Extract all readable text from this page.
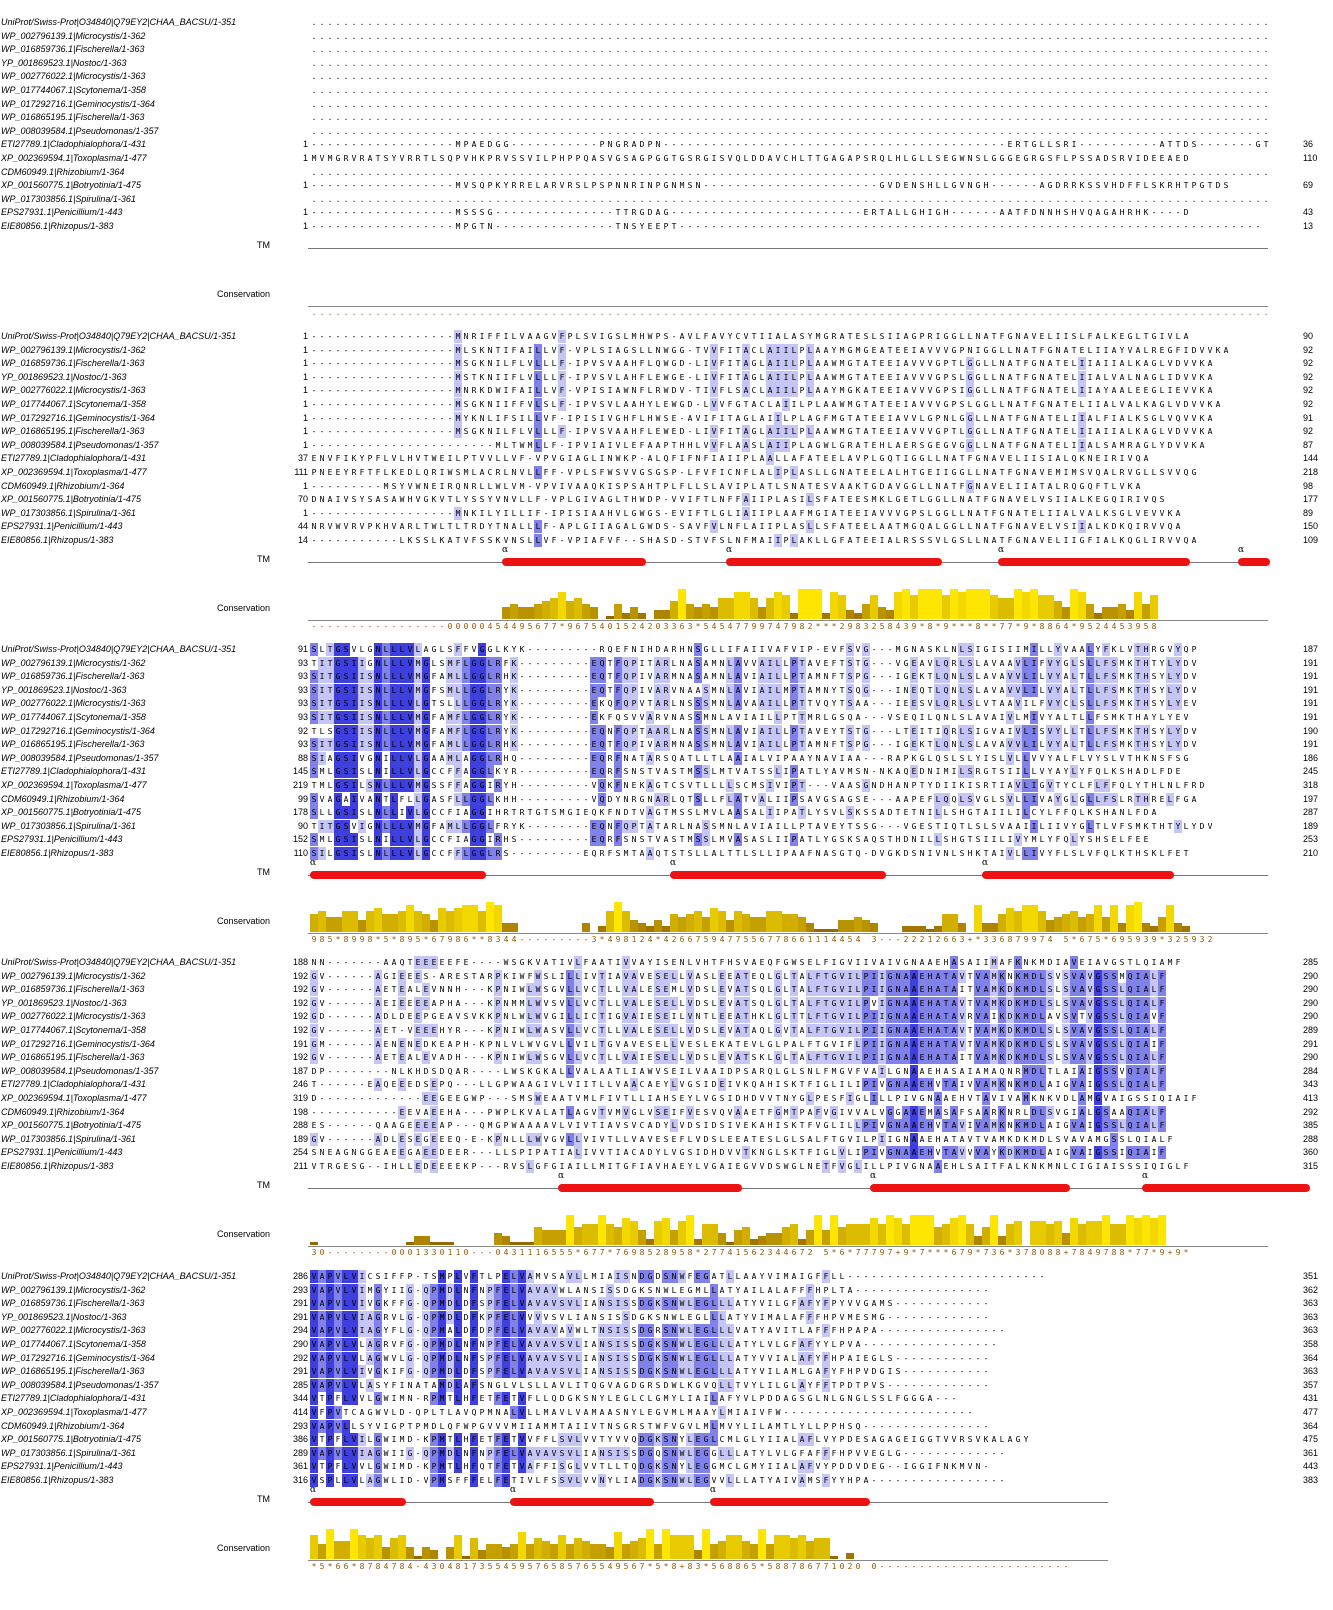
UniProt/Swiss-Prot|O34840|Q79EY2|CHAA_BACSU/1-351	. . . . . . . . . . . . . . . . . . . . . . . . . . . . . . . . . . . . . . . . . . . . . . . . . . . . . . . . . . . . . . . . . . . . . . . . . . . . . . . . . . . . . . . . . . . . . . . . . . . . . . . . . . . . . . . . . . . . . . . .
WP_002796139.1|Microcystis/1-362	. . . . . . . . . . . . . . . . . . . . . . . . . . . . . . . . . . . . . . . . . . . . . . . . . . . . . . . . . . . . . . . . . . . . . . . . . . . . . . . . . . . . . . . . . . . . . . . . . . . . . . . . . . . . . . . . . . . . . . . .
WP_016859736.1|Fischerella/1-363	. . . . . . . . . . . . . . . . . . . . . . . . . . . . . . . . . . . . . . . . . . . . . . . . . . . . . . . . . . . . . . . . . . . . . . . . . . . . . . . . . . . . . . . . . . . . . . . . . . . . . . . . . . . . . . . . . . . . . . . .
YP_001869523.1|Nostoc/1-363	. . . . . . . . . . . . . . . . . . . . . . . . . . . . . . . . . . . . . . . . . . . . . . . . . . . . . . . . . . . . . . . . . . . . . . . . . . . . . . . . . . . . . . . . . . . . . . . . . . . . . . . . . . . . . . . . . . . . . . . .
WP_002776022.1|Microcystis/1-363	. . . . . . . . . . . . . . . . . . . . . . . . . . . . . . . . . . . . . . . . . . . . . . . . . . . . . . . . . . . . . . . . . . . . . . . . . . . . . . . . . . . . . . . . . . . . . . . . . . . . . . . . . . . . . . . . . . . . . . . .
WP_017744067.1|Scytonema/1-358	. . . . . . . . . . . . . . . . . . . . . . . . . . . . . . . . . . . . . . . . . . . . . . . . . . . . . . . . . . . . . . . . . . . . . . . . . . . . . . . . . . . . . . . . . . . . . . . . . . . . . . . . . . . . . . . . . . . . . . . .
WP_017292716.1|Geminocystis/1-364	. . . . . . . . . . . . . . . . . . . . . . . . . . . . . . . . . . . . . . . . . . . . . . . . . . . . . . . . . . . . . . . . . . . . . . . . . . . . . . . . . . . . . . . . . . . . . . . . . . . . . . . . . . . . . . . . . . . . . . . .
WP_016865195.1|Fischerella/1-363	. . . . . . . . . . . . . . . . . . . . . . . . . . . . . . . . . . . . . . . . . . . . . . . . . . . . . . . . . . . . . . . . . . . . . . . . . . . . . . . . . . . . . . . . . . . . . . . . . . . . . . . . . . . . . . . . . . . . . . . .
WP_008039584.1|Pseudomonas/1-357	. . . . . . . . . . . . . . . . . . . . . . . . . . . . . . . . . . . . . . . . . . . . . . . . . . . . . . . . . . . . . . . . . . . . . . . . . . . . . . . . . . . . . . . . . . . . . . . . . . . . . . . . . . . . . . . . . . . . . . . .
ETI27789.1|Cladophialophora/1-431	1 - - - - - - - - - - - - - - - - - - M P A E D G G - - - - - - - - - - - P N G R A D P N - - - - - - - - - - - - - - - - - - - - - - - - - - - - - - - - - - - - - - - - - - - E R T G L L S R I - - - - - - - - - - A T T D S - - - - - - - G T	36
XP_002369594.1|Toxoplasma/1-477	1 M V M G R V R A T S Y V R R T L S Q P V H K P R V S S V I L P H P P Q A S V G S A G P G G T G S R G I S V Q L D D A V C H L T T G A G A P S R Q L H L G L L S E G W N S L G G G E G R G S F L P S S A D S R V I D E E A E D	110
CDM60949.1|Rhizobium/1-364	. . . . . . . . . . . . . . . . . . . . . . . . . . . . . . . . . . . . . . . . . . . . . . . . . . . . . . . . . . . . . . . . . . . . . . . . . . . . . . . . . . . . . . . . . . . . . . . . . . . . . . . . . . . . . . . . . . . . . . . .
XP_001560775.1|Botryotinia/1-475	1 - - - - - - - - - - - - - - - - - - M V S Q P K Y R R E L A R V R S L P S P N N R I N P G N M S N - - - - - - - - - - - - - - - - - - - - - - G V D E N S H L L G V N G H - - - - - - A G D R R K S S V H D F F L S K R H T P G T D S	69
WP_017303856.1|Spirulina/1-361	. . . . . . . . . . . . . . . . . . . . . . . . . . . . . . . . . . . . . . . . . . . . . . . . . . . . . . . . . . . . . . . . . . . . . . . . . . . . . . . . . . . . . . . . . . . . . . . . . . . . . . . . . . . . . . . . . . . . . . . .
EPS27931.1|Penicillium/1-443	1 - - - - - - - - - - - - - - - - - - M S S S G - - - - - - - - - - - - - - - T T R G D A G - - - - - - - - - - - - - - - - - - - - - - - - E R T A L L G H I G H - - - - - - A A T F D N N H S H V Q A G A H R H K - - - - D	43
EIE80856.1|Rhizopus/1-383	1 - - - - - - - - - - - - - - - - - - M P G T N - - - - - - - - - - - - - - - T N S Y E E P T - - - - - - - - - - - - - - - - - - - - - - - - - - - - - - - - - - - - - - - - - - - - - - - - - - - - - - - - - - - - - - - - - - - - - - - - -	13
TM
Conservation
. . . . . . . . . . . . . . . . . . . . . . . . . . . . . . . . . . . . . . . . . . . . . . . . . . . . . . . . . . . . . . . . . . . . . . . . . . . . . . . . . . . . . . . . . . . . . . . . . . . . . . . . . . . . . . . . . . . . . . . .
UniProt/Swiss-Prot|O34840|Q79EY2|CHAA_BACSU/1-351	1 - - - - - - - - - - - - - - - - - - M N R I F F I L V A A G V F P L S V I G S L M H W P S - A V L F A V Y C V T I I A L A S Y M G R A T E S L S I I A G P R I G G L L N A T F G N A V E L I I S L F A L K E G L T G I V L A	90
WP_002796139.1|Microcystis/1-362	1 - - - - - - - - - - - - - - - - - - M L S K N T I F A I L L V F - V P L S I A G S L L N W G G - T V V F I T A C L A I I L P L A A Y M G M G E A T E E I A V V V G P N I G G L L N A T F G N A T E L I I A Y V A L R E G F I D V V K A	92
WP_016859736.1|Fischerella/1-363	1 - - - - - - - - - - - - - - - - - - M S G K N I L F L V L L L F - I P V S V A A H F L Q W G D - L I V F I T A G L A I I L P L A A W M G T A T E E I A V V V G P T L G G L L N A T F G N A T E L I I A I I A L K A G L V D V V K A	92
YP_001869523.1|Nostoc/1-363	1 - - - - - - - - - - - - - - - - - - M S T K N I I F L V L L L F - I P V S V L A H F L E W G E - L I V F I T A G L A I I L P L A A W M G T A T E E I A V V V G P S L G G L L N A T F G N A T E L I I A L V A L N A G L I D V V K A	92
WP_002776022.1|Microcystis/1-363	1 - - - - - - - - - - - - - - - - - - M N R K D W I F A I L L V F - V P I S I A W N F L R W D V - T I V F L S A C L A I I L P L A A Y M G K A T E E I A V V V G P S I G G L L N A T F G N A T E L I I A Y A A L E E G L I E V V K A	92
WP_017744067.1|Scytonema/1-358	1 - - - - - - - - - - - - - - - - - - M S G K N I I F F V L S L F - I P V S V L A A H Y L E W G D - L V V F G T A C L A I I L P L A A W M G T A T E E I A V V V G P S L G G L L N A T F G N A T E L I I A L V A L K A G L V D V V K A	92
WP_017292716.1|Geminocystis/1-364	1 - - - - - - - - - - - - - - - - - - M Y K N L I F S I L L V F - I P I S I V G H F L H W S E - A V I F I T A G L A I I L P L A G F M G T A T E E I A V V L G P N L G G L L N A T F G N A T E L I I A L F I A L K S G L V Q V V K A	91
WP_016865195.1|Fischerella/1-363	1 - - - - - - - - - - - - - - - - - - M S G K N I L F L V L L L F - I P V S V A A H F L E W E D - L I V F I T A G L A I I L P L A A W M G T A T E E I A V V V G P T L G G L L N A T F G N A T E L I I A I I A L K A G L V D V V K A	92
WP_008039584.1|Pseudomonas/1-357	1 - - - - - - - - - - - - - - - - - - - - - - - M L T W M L L F - I P V I A I V L E F A A P T H H L V V F L A A S L A I I P L A G W L G R A T E H L A E R S G E G V G G L L N A T F G N A T E L I I A L S A M R A G L Y D V V K A	87
ETI27789.1|Cladophialophora/1-431	37 E N V F I K Y P F L V L H V T W E I L P T V V L L V F - V P V G I A G L I N W K P - A L Q F I F N F I A I I P L A A L L A F A T E E L A V P L G Q T I G G L L N A T F G N A V E L I I S I A L Q K N E I R I V Q A	144
XP_002369594.1|Toxoplasma/1-477	111 P N E E Y R F T F L K E D L Q R I W S M L A C R L N V L L F F - V P L S F W S V V G S G S P - L F V F I C N F L A L I P L A S L L G N A T E E L A L H T G E I I G G L L N A T F G N A V E M I M S V Q A L R V G L L S V V Q G	218
CDM60949.1|Rhizobium/1-364	1 - - - - - - - - - M S Y V W N E I R Q N R L L W L V M - V P V I V A A Q K I S P S A H T P L F L L S L A V I P L A T L S N A T E S V A A K T G D A V G G L L N A T F G N A V E L I I A T A L R Q G Q F T L V K A	98
XP_001560775.1|Botryotinia/1-475	70 D N A I V S Y S A S A W H V G K V T L Y S S Y V N V L L F - V P L G I V A G L T H W D P - V V I F T L N F F A I I P L A S I L S F A T E E S M K L G E T L G G L L N A T F G N A V E L V S I I A L K E G Q I R I V Q S	177
WP_017303856.1|Spirulina/1-361	1 - - - - - - - - - - - - - - - - - - M N K I L Y I L L I F - I P I S I A A H V L G W G S - E V I F T L G L I A I I P L A A F M G I A T E E I A V V V G P S L G G L L N A T F G N A T E L I I A L V A L K S G L V E V V K A	89
EPS27931.1|Penicillium/1-443	44 N R V W V R V P K H V A R L T W L T L T R D Y T N A L L L F - A P L G I I A G A L G W D S - S A V F V L N F L A I I P L A S L L S F A T E E L A A T M G Q A L G G L L N A T F G N A V E L V S I I A L K D K Q I R V V Q A	150
EIE80856.1|Rhizopus/1-383	14 - - - - - - - - - - - L K S S L K A T V F S S K V N S L L V F - V P I A F V F - - S H A S D - S T V F S L N F M A I I P L A K L L G F A T E E I A L R S S S V L G S L L N A T F G N A V E L I I G F I A L K Q G L I R V V Q A	109
TM
α	α	α	α
Conservation
- - - - - - - - - - - - - - - - - 0 0 0 0 0 4 5 4 4 9 5 6 7 7 * 9 6 7 5 4 0 1 5 2 4 2 0 3 3 6 3 * 5 4 5 4 7 7 9 9 7 4 7 9 8 2 * * * 2 9 8 3 2 5 8 4 3 9 * 8 * 9 * * * 8 * * 7 7 * 9 * 8 8 6 4 * 9 5 2 4 4 5 3 9 5 8
UniProt/Swiss-Prot|O34840|Q79EY2|CHAA_BACSU/1-351	91 S L T G S V L G N L L L V L A G L S F F V G G L K Y K - - - - - - - - - R Q E F N I H D A R H N S G L L I F A I I V A F V I P - E V F S V G - - - M G N A S K L N L S I G I S I I M I L L Y V A A L Y F K L V T H R G V Y Q P	187
WP_002796139.1|Microcystis/1-362	93 T I T G S I I G N L L L V M G L S M F L G G L R F K - - - - - - - - - E Q T F Q P I T A R L N A S A M N L A V V A I L L P T A V E F T S T G - - - V G E A V L Q R L S L A V A A V L I F V Y G L S L L F S M K T H T Y L Y D V	191
WP_016859736.1|Fischerella/1-363	93 S I T G S I I S N L L L V M G F A M L L G G L R H K - - - - - - - - - E Q T F Q P I V A R M N A S A M N L A V I A I L L P T A M N F T S P G - - - I G E K T L Q N L S L A V A V V L I L V Y A L T L L F S M K T H S Y L Y D V	191
YP_001869523.1|Nostoc/1-363	93 S I T G S I I S N L L L V M G F S M L L G G L R Y K - - - - - - - - - E Q T F Q P I V A R V N A A S M N L A V I A I L M P T A M N Y T S Q G - - - I N E Q T L Q N L S L A V A V V L I L V Y A L T L L F S M K T H S Y L Y D V	191
WP_002776022.1|Microcystis/1-363	93 S I T G S I I S N L L L V L G T S L L L G G L R Y K - - - - - - - - - E K Q F Q P V T A R L N S S S M N L A V A A I L L P T T V Q Y T S A A - - - I E E S V L Q R L S L V T A A V I L F V Y C L S L L F S M K T H S Y L Y E V	191
WP_017744067.1|Scytonema/1-358	93 S I T G S I I S N L L L V M G F A M F L G G L R Y K - - - - - - - - - E K F Q S V V A R V N A S S M N L A V I A I L L P T T M R L G S Q A - - - V S E Q I L Q N L S L A V A I V L M I V Y A L T L L F S M K T H A Y L Y E V	191
WP_017292716.1|Geminocystis/1-364	92 T L S G S I I S N L L L V M G F A M F L G G L R Y K - - - - - - - - - E Q N F Q P T A A R L N A S S M N L A V I A I L L P T A V E Y T S T G - - - L T E I T I Q R L S I G V A I V L I S V Y L L T L L F S M K T H S Y L Y D V	190
WP_016865195.1|Fischerella/1-363	93 S I T G S I I S N L L L V M G F A M L L G G L R H K - - - - - - - - - E Q T F Q P I V A R M N A S S M N L A V I A I L L P T A M N F T S P G - - - I G E K T L Q N L S L A V A V V L I L V Y A L T L L F S M K T H S Y L Y D V	191
WP_008039584.1|Pseudomonas/1-357	88 S I A G S I V G N I L L V L G A A M L A G G L R H Q - - - - - - - - - E Q R F N A T A R S Q A T L L T L A A I A L V I P A A Y N A V I A A - - - R A P K G L Q S L S L Y I S L V L L V V Y A L F L V Y S L V T H K N S F S G	186
ETI27789.1|Cladophialophora/1-431	145 S M L G S I S L N I L L V L G C C F F A G G L K Y R - - - - - - - - - E Q R F S N S T V A S T M S S L M T V A T S S L I P A T L Y A V M S N - N K A Q E D N I M I L S R G T S I I L L V Y A Y L Y F Q L K S H A D L F D E	245
XP_002369594.1|Toxoplasma/1-477	219 T M L G S I L S N L L L V M G S S F F A G G I R Y H - - - - - - - - - V Q K F N E K A G T C S V T L L L L S C M S I V I P T - - - V A A S G N D H A N P T Y D I I K I S R T I A V L I G V T Y C L F L F F Q L Y T H L N L F R D	318
CDM60949.1|Rhizobium/1-364	99 S V A G A I V A N T L F L L G A S F L L G G L K H H - - - - - - - - - V Q D Y N R G N A R L Q T S L L F L A T V A L I I P S A V G S A G S E - - - A A P E F L Q Q L S V G L S V L L I V A Y G L G L L F S L R T H R E L F G A	197
XP_001560775.1|Botryotinia/1-475	178 S L L G S I S L N L L I V L G C C F I A G G I H R T R T G T S M G I E Q K F N D T V A G T M S S L M V L A A S A L I I P A T L Y S V L S K S S A D T E T N I L L S H G T A I I L I L C Y L F F Q L K S H A N L F D A	287
WP_017303856.1|Spirulina/1-361	90 T I T G S V I G N L L L V M G F A M L L G G L F R Y K - - - - - - - - E Q N F Q P T A T A R L N A S S M N L A V I A I L L P T A V E Y T S S G - - - V G E S T I Q T L S L S V A A I I L I I V Y G L T L V F S M K T H T Y L Y D V	189
EPS27931.1|Penicillium/1-443	152 S M L G S I S L N I L L V L G C C F I A G G I R H S - - - - - - - - - E Q R F S N S T V A S T M S S L M V A S A S L I I P A T L Y G S K S A Q S T H D N I L L S H G T S I I L I V Y M L Y F Q L Y S H S E L F E E	253
EIE80856.1|Rhizopus/1-383	110 S I L G S I S L N L L L V L G C C F F L G G L R S - - - - - - - - - E Q R F S M T A A Q T S T S L L A L T T L S L L I P A A F N A S G T Q - D V G K D S N I V N L S H K T A I V L L I V Y F L S L V F Q L K T H S K L F E T	210
TM
α	α	α
Conservation
9 8 5 * 8 9 9 8 * 5 * 8 9 5 * 6 7 9 8 6 * * 8 3 4 4 - - - - - - - - - 3 * 4 9 8 1 2 4 * 4 2 6 6 7 5 9 4 7 7 5 5 6 7 7 8 6 6 1 1 1 4 4 5 4 3 - - - 2 2 2 1 2 6 6 3 + * 3 3 6 8 7 9 9 7 4 5 * 6 7 5 * 6 9 5 9 3 9 * 3 2 5 9 3 2
UniProt/Swiss-Prot|O34840|Q79EY2|CHAA_BACSU/1-351	188 N N - - - - - - - A A Q T E E E E E F E - - - - W S G K V A T I V L F A A T I V V A Y I S E N L V H T F H S V A E Q F G W S E L F I G V I I V A I V G N A A E H A S A I I M A F K N K M D I A V E I A V G S T L Q I A M F	285
WP_002796139.1|Microcystis/1-362	192 G V - - - - - - A G I E E E S - A R E S T A R P K I W F W S L I L L I V T I A V A V E S E L L V A S L E E A T E Q L G L T A L F T G V I L P I I G N A A E H A T A V T V A M K N K M D L S V S V A V G S S M Q I A L F	290
WP_016859736.1|Fischerella/1-363	192 G V - - - - - - A E T E A L E V N N H - - - K P N I W L W S G V L L V C T L L V A L E S E M L V D S L E V A T S Q L G L T A L F T G V I L P I I G N A A E H A T A I T V A M K D K M D L S L S V A V G S S L Q I A L F	290
YP_001869523.1|Nostoc/1-363	192 G V - - - - - - A E I E E E E A P H A - - - K P N M M L W V S V L L V C T L L V A L E S E L L V D S L E V A T S Q L G L T A L F T G V I L P V I G N A A E H A T A V T V A M K D K M D L S L S V A V G S S L Q I A L F	290
WP_002776022.1|Microcystis/1-363	192 G D - - - - - - A D L D E E P G E A V S V K K P N L W L W V G I L L I C T I G V A I E S E I L V N T L E E A T H K L G L T T L F T G V I L P I I G N A A E H A T A V R V A I K D K M D L A V S V T V G S S L Q I A V F	290
WP_017744067.1|Scytonema/1-358	192 G V - - - - - - A E T - V E E E H Y R - - - K P N I W L W A S V L L V C T L L V A L E S E L L V D S L E V A T A Q L G V T A L F T G V I L P I I G N A A E H A T A V T V A M K D K M D L S L S V A V G S S L Q I A L F	289
WP_017292716.1|Geminocystis/1-364	191 G M - - - - - - A E N E N E D K E A P H - K P N L V L W V G V L L V I L T G V A V E S E L L V E S L E K A T E V L G L P A L F T G V I F L P I I G N A A E H A T A V T V A M K D K M D L S L S V A V G S S L Q I A I F	291
WP_016865195.1|Fischerella/1-363	192 G V - - - - - - A E T E A L E V A D H - - - K P N I W L W S G V L L V C T L L V A I E S E L L V D S L E V A T S K L G L T A L F T G V I L P I I G N A A E H A T A I T V A M K D K M D L S L S V A V G S S L Q I A L F	290
WP_008039584.1|Pseudomonas/1-357	187 D P - - - - - - - - N L K H D S D Q A R - - - - L W S K G K A L L V A L A A T L I A W V S E I L V A A I D P S A R Q L G L S N L F M G V F V A I L G N A A E H A S A I A M A Q N R M D L T L A I A I G S S V Q I A L F	284
ETI27789.1|Cladophialophora/1-431	246 T - - - - - - E A Q E E E D S E P Q - - - L L G P W A A G I V L V I I T L L V A A C A E Y L V G S I D E I V K Q A H I S K T F I G L I L I P I V G N A A E H V T A I V V A M K N K M D L A I G V A I G S S L Q I A L F	343
XP_002369594.1|Toxoplasma/1-477	319 D - - - - - - - - - - - - - E E G E E G W P - - - S M S W E A A T V M L F I V T L L I A H S E Y L V G S I D H D V V T N Y G L P E S F I G L I L L P I V G N A A E H V T A V I V A M K N K V D L A M G V A I G S S I Q I A I F	413
CDM60949.1|Rhizobium/1-364	198 - - - - - - - - - - - E E V A E E H A - - - P W P L K V A L A T L A G V T V M V G L V S E I F V E S V Q V A A E T F G M T P A F V G I V V A L V G G A A E M A S A F S A A R K N R L D L S V G I A L G S A A Q I A L F	292
XP_001560775.1|Botryotinia/1-475	288 E S - - - - - - Q A A G E E E E A P - - - Q M G P W A A A A V L V I V T I A V S V C A D Y L V D S I D S I V E K A H I S K T F V G L I L L P I V G N A A E H V T A V I V A M K N K M D L A I G V A I G S S L Q I A L F	385
WP_017303856.1|Spirulina/1-361	189 G V - - - - - - A D L E S E G E E E Q - E - K P N L L L W V G V L L V I V T L L V A V E S E F L V D S L E E A T E S L G L S A L F T G V I L P I I G N A A E H A T A V T V A M K D K M D L S V A V A M G S S L Q I A L F	288
EPS27931.1|Penicillium/1-443	254 S N E A G N G G E A E E G A E E D E E R - - - L L S P I P A T I A L I V V T I A C A D Y L V G S I D H D V V T K N G L S K T F I G L V L I P I V G N A A E H V T A V V V A Y K D K M D L A I G V A I G S S I Q I A I F	360
EIE80856.1|Rhizopus/1-383	211 V T R G E S G - - I H L L E D E E E E K P - - - R V S L G F G I A I L L M I T G F I A V H A E Y L V G A I E G V V D S W G L N E T F V G L I L L P I V G N A A E H L S A I T F A L K N K M N L C I G I A I S S S I Q I G L F	315
TM
α	α	α
Conservation
3 0 - - - - - - - - 0 0 0 1 3 3 0 1 1 0 - - - 0 4 3 1 1 1 6 5 5 5 * 6 7 7 * 7 6 9 8 5 2 8 9 5 8 * 2 7 7 4 1 5 6 2 3 4 4 6 7 2 5 * 6 * 7 7 7 9 7 + 9 * 7 * * * 6 7 9 * 7 3 6 * 3 7 8 0 8 8 + 7 8 4 9 7 8 8 * 7 7 * 9 + 9 *
UniProt/Swiss-Prot|O34840|Q79EY2|CHAA_BACSU/1-351	286 V A P V L V I C S I F F P - T S M P L V F T L P E L V A M V S A V L L M I A I S N D G D S N W F E G A T L L A A Y V I M A I G F F L L - - - - - - - - - - - - - - - - - - - - - - - - -	351
WP_002796139.1|Microcystis/1-362	293 V A P V L V I M G Y I I G - Q P M D L N F N P F E L V A V A V W L A N S I S S D G K S N W L E G M L L A T Y A I L A L A F F F H P L T A - - - - - - - - - - - - - - - - -	362
WP_016859736.1|Fischerella/1-363	291 V A P V L V I V G K F F G - Q P M D L D F S P F E L V A V A V S V L I A N S I S S D G K S N W L E G L L L A T Y V I L G F A F Y F P Y V V G A M S - - - - - - - - - - - -	363
YP_001869523.1|Nostoc/1-363	291 V A P V L V I A G R V L G - Q P M D L D F K P F E L V V V V S V L I A N S I S S D G K S N W L E G L L L A T Y V I M A L A F F F H P V M E S M G - - - - - - - - - - - - -	363
WP_002776022.1|Microcystis/1-363	294 V A P V L V I A G Y F L G - Q P M A L D F D P F E L V A V A V A V W L T N S I S S D G R S N W L E G L L L V A T Y A V I T L A F F F H P A P A - - - - - - - - - - - - - - - -	363
WP_017744067.1|Scytonema/1-358	290 V A P V L V L A G R V F G - Q P M D L N F N P F E L V A V A V S V L I A N S I S S D G K S N W L E G L L L A T Y L V L G F A F Y Y L P V A - - - - - - - - - - - - - - - - -	358
WP_017292716.1|Geminocystis/1-364	292 V A P V L V L A G W V L G - Q P M D L N F S P F E L V A V A V S V L I A N S I S S D G K S N W L E G L L L A T Y V V I A L A F Y F H P A I E G L S - - - - - - - - - - - -	364
WP_016865195.1|Fischerella/1-363	291 V A P V L V I V G K I F G - Q P M D L D F S P F E L V A V A V S V L I A N S I S S D G K S N W L E G L L L A T Y V I L A M L G A F Y F H P V D G I S - - - - - - - - - - -	363
WP_008039584.1|Pseudomonas/1-357	285 V A P V L V L A S Y F I N A T A M D L A F S N G L V L S L L A V L I T Q G V A G D G R S D W L K G V Q L L T V Y L I L G L A Y F F T P D T P V S - - - - - - - - - - - - -	357
ETI27789.1|Cladophialophora/1-431	344 V T P F L V V L G W I M N - R P M T L H F E T F E T V F L L Q D G K S N Y L E G L C L G M Y L I A I L A F Y V L P D D A G S G L N L G N G L S S L F G G G A - - -	431
XP_002369594.1|Toxoplasma/1-477	414 V F P V T C A G W V L D - Q P L T L A V Q P M N A L V L L M A V L V A M A A S N Y L E G V M L M A A Y L M I A I V F W - - - - - - - - - - - - - - - - - - - - - - - -	477
CDM60949.1|Rhizobium/1-364	293 V A P V L L S Y V I G P T P M D L Q F W P G V V V M I I A M M T A I I V T N S G R S T W F V G V L M L M V Y L I L A M T L Y L L P P H S Q - - - - - - - - - - - - - - - -	364
XP_001560775.1|Botryotinia/1-475	386 V T P F L V I L G W I M D - K P M T L H F E T F E T V V F F L S V L V V T Y V V Q D G K S N Y L E G L C M L G L Y I I A L A F L V Y P D E S A G A G E I G G T V V R S V K A L A G Y	475
WP_017303856.1|Spirulina/1-361	289 V A P V L V I A G W I I G - Q P M D L N F N P F E L V A V A V S V L I A N S I S S D G Q S N W L E G G L L L A T Y L V L G F A F F F H P V V E G L G - - - - - - - - - - - - -	361
EPS27931.1|Penicillium/1-443	361 V T P F L V V L G W I M D - K P M T L H F Q T F E T V A F F I S G L V V T L L T Q D G K S N Y L E G G M C L G M Y I I A L A F V Y P D D V D E G - - I G G I F N K M V N -	443
EIE80856.1|Rhizopus/1-383	316 V S P L L V L A G W L I D - V P M S F F F E L F E T I V L F S S V L V V N Y L I A D G K S N W L E G V V L L L A T Y A I V A M S F Y Y H P A - - - - - - - - - - - - - - - - -	383
TM
α	α	α
Conservation
* 5 * 6 6 * 8 7 8 4 7 8 4 - 4 3 0 4 8 1 7 3 5 5 4 5 9 5 7 6 5 8 5 7 6 5 5 4 9 5 6 7 * 5 * 8 + 8 3 * 5 6 8 8 6 5 * 5 8 8 7 8 6 7 7 1 0 2 0 0 - - - - - - - - - - - - - - - - - - - - - - - -
